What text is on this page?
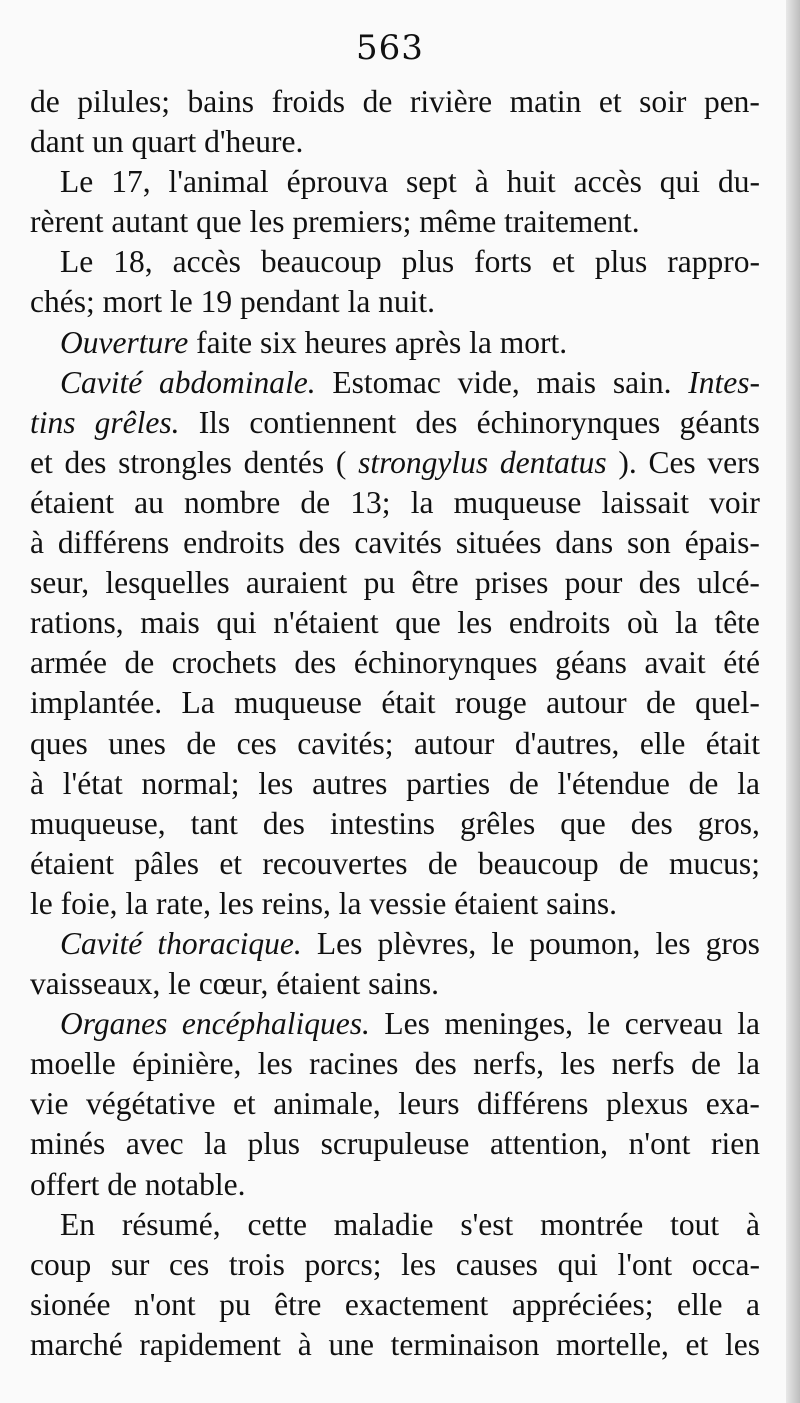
563
de pilules; bains froids de rivière matin et soir pen-
dant
un
quart
d'heure.
Le 17, l'animal éprouva sept à huit accès qui du-
rèrent
autant
que
les
premiers;
même
traitement.
Le 18, accès beaucoup plus forts et plus rappro-
chés;
mort
le
19
pendant
la
nuit.
Ouverture
faite
six
heures
après
la
mort.
Cavité abdominale. Estomac vide, mais sain. Intes-
tins grêles. Ils contiennent des échinorynques géants
et des strongles dentés ( strongylus dentatus ). Ces vers
étaient au nombre de 13; la muqueuse laissait voir
à différens endroits des cavités situées dans son épais-
seur, lesquelles auraient pu être prises pour des ulcé-
rations, mais qui n'étaient que les endroits où la tête
armée de crochets des échinorynques géans avait été
implantée. La muqueuse était rouge autour de quel-
ques unes de ces cavités; autour d'autres, elle était
à l'état normal; les autres parties de l'étendue de la
muqueuse, tant des intestins grêles que des gros,
étaient pâles et recouvertes de beaucoup de mucus;
le
foie,
la
rate,
les
reins,
la
vessie
étaient
sains.
Cavité thoracique. Les plèvres, le poumon, les gros
vaisseaux,
le
cœur,
étaient
sains.
Organes encéphaliques. Les meninges, le cerveau la
moelle épinière, les racines des nerfs, les nerfs de la
vie végétative et animale, leurs différens plexus exa-
minés avec la plus scrupuleuse attention, n'ont rien
offert
de
notable.
En résumé, cette maladie s'est montrée tout à
coup sur ces trois porcs; les causes qui l'ont occa-
sionée n'ont pu être exactement appréciées; elle a
marché rapidement à une terminaison mortelle, et les
